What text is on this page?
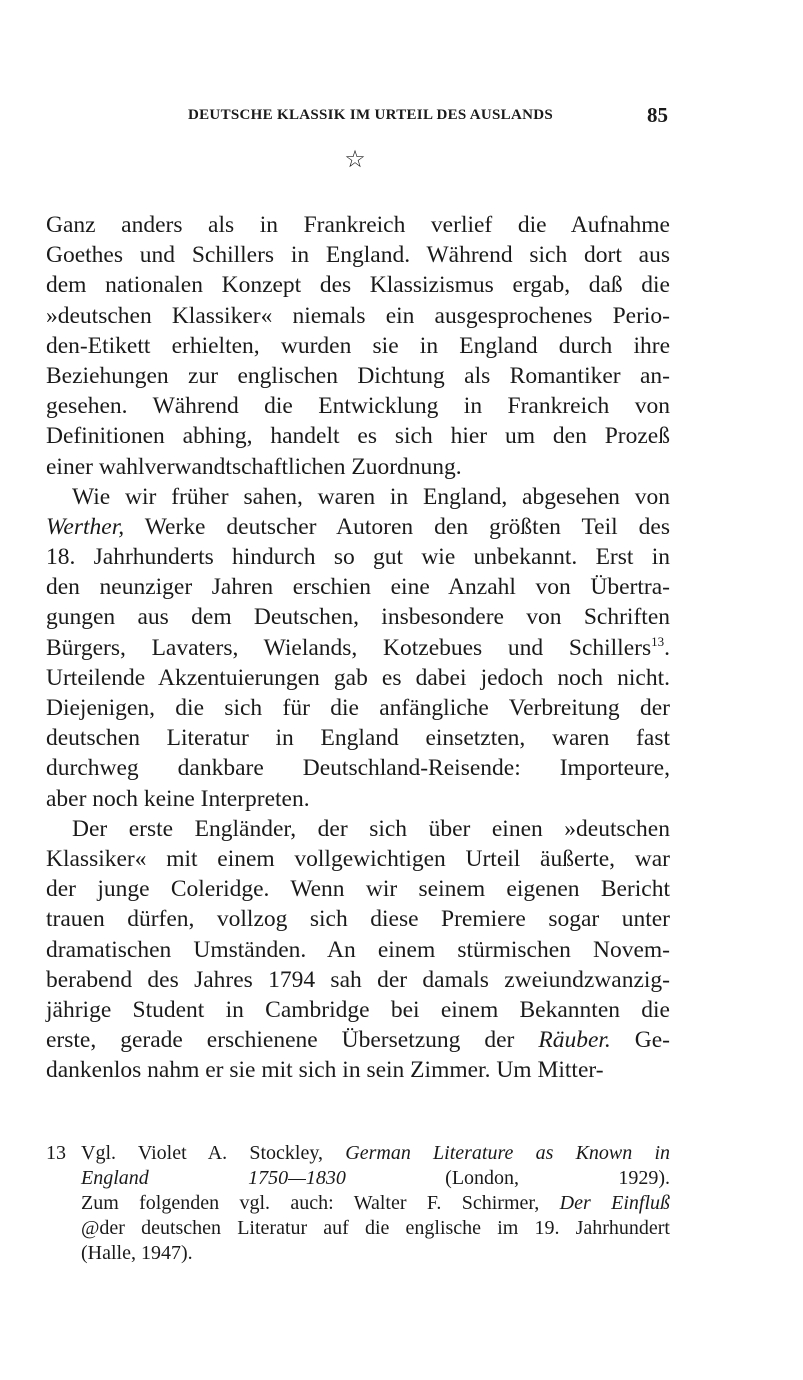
DEUTSCHE KLASSIK IM URTEIL DES AUSLANDS	85
☆
Ganz anders als in Frankreich verlief die Aufnahme
Goethes und Schillers in England. Während sich dort aus
dem nationalen Konzept des Klassizismus ergab, daß die
»deutschen Klassiker« niemals ein ausgesprochenes Perio-
den-Etikett erhielten, wurden sie in England durch ihre
Beziehungen zur englischen Dichtung als Romantiker an-
gesehen. Während die Entwicklung in Frankreich von
Definitionen abhing, handelt es sich hier um den Prozeß
einer wahlverwandtschaftlichen Zuordnung.
Wie wir früher sahen, waren in England, abgesehen von
Werther, Werke deutscher Autoren den größten Teil des
18. Jahrhunderts hindurch so gut wie unbekannt. Erst in
den neunziger Jahren erschien eine Anzahl von Übertra-
gungen aus dem Deutschen, insbesondere von Schriften
Bürgers, Lavaters, Wielands, Kotzebues und Schillers$^{13}$.
Urteilende Akzentuierungen gab es dabei jedoch noch nicht.
Diejenigen, die sich für die anfängliche Verbreitung der
deutschen Literatur in England einsetzten, waren fast
durchweg dankbare Deutschland-Reisende: Importeure,
aber noch keine Interpreten.
Der erste Engländer, der sich über einen »deutschen
Klassiker« mit einem vollgewichtigen Urteil äußerte, war
der junge Coleridge. Wenn wir seinem eigenen Bericht
trauen dürfen, vollzog sich diese Premiere sogar unter
dramatischen Umständen. An einem stürmischen Novem-
berabend des Jahres 1794 sah der damals zweiundzwanzig-
jährige Student in Cambridge bei einem Bekannten die
erste, gerade erschienene Übersetzung der Räuber. Ge-
dankenlos nahm er sie mit sich in sein Zimmer. Um Mitter-
13 Vgl. Violet A. Stockley, German Literature as Known in
England 1750—1830 (London, 1929).
Zum folgenden vgl. auch: Walter F. Schirmer, Der Einfluß
@der deutschen Literatur auf die englische im 19. Jahrhundert
(Halle, 1947).
